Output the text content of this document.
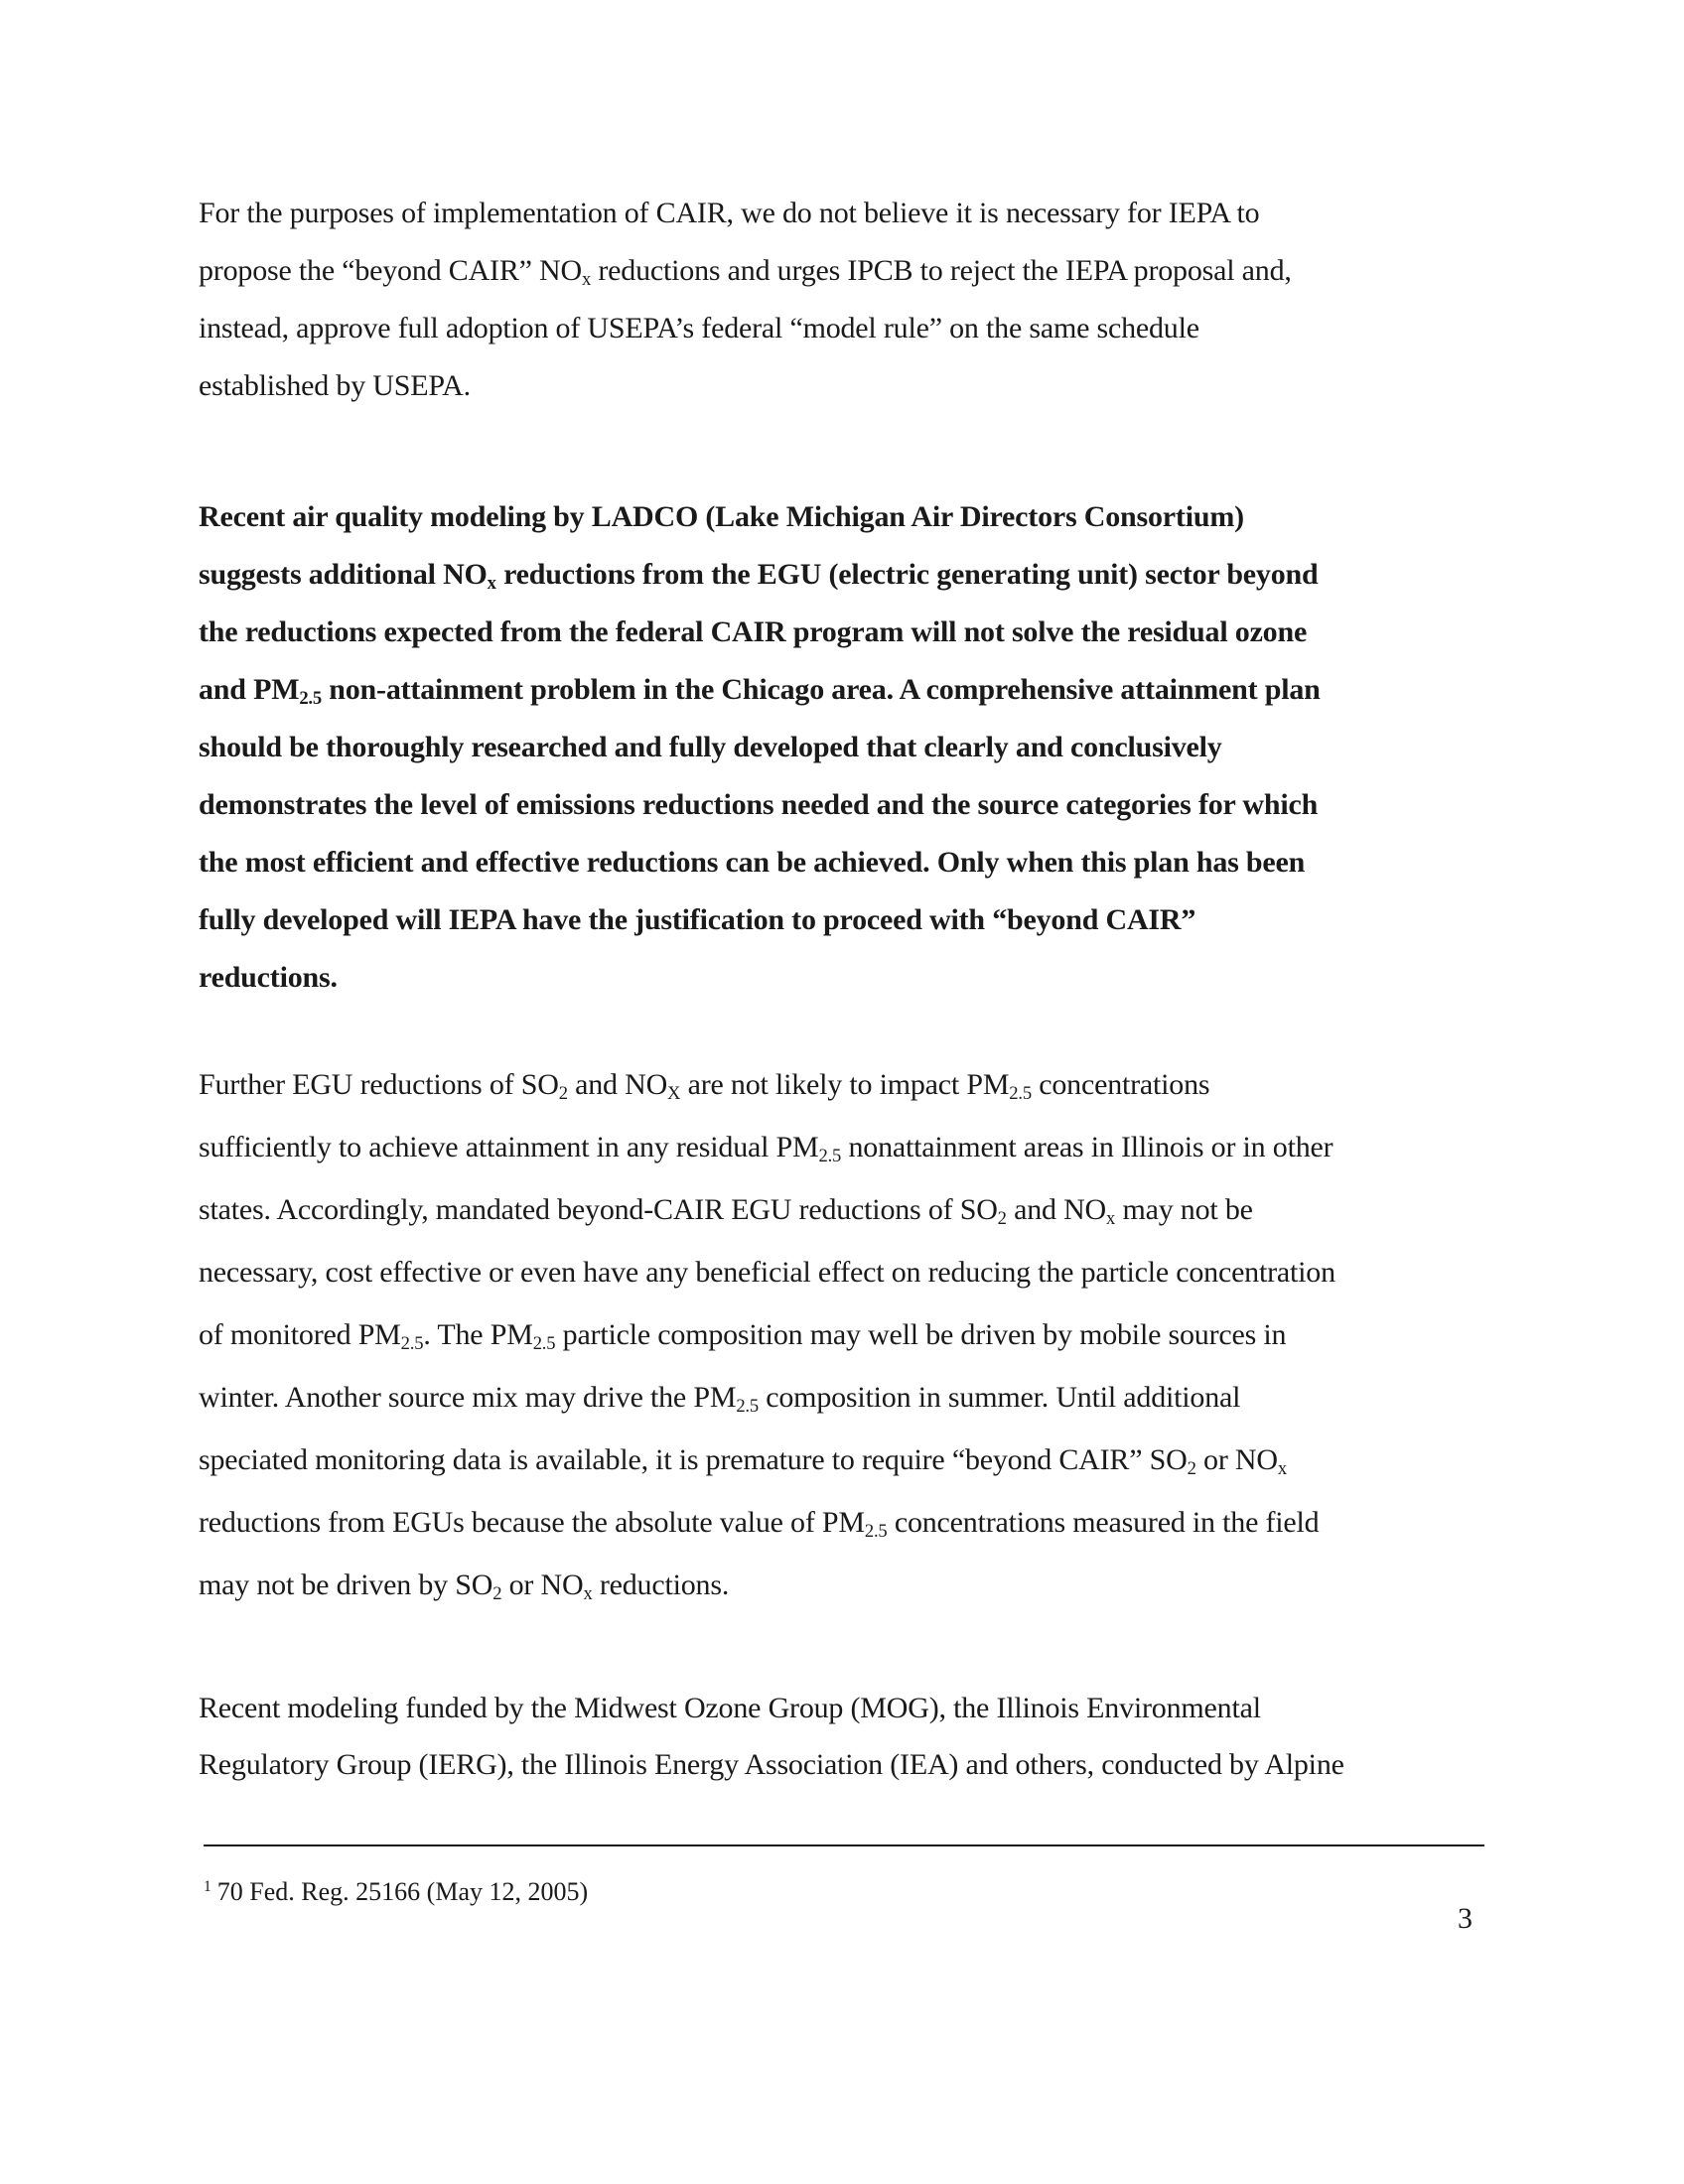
For the purposes of implementation of CAIR, we do not believe it is necessary for IEPA to
propose the “beyond CAIR” $NO_x$ reductions and urges IPCB to reject the IEPA proposal and,
instead, approve full adoption of USEPA’s federal “model rule” on the same schedule
established by USEPA.
Recent air quality modeling by LADCO (Lake Michigan Air Directors Consortium)
suggests additional $NO_x$ reductions from the EGU (electric generating unit) sector beyond
the reductions expected from the federal CAIR program will not solve the residual ozone
and $PM_{2.5}$ non-attainment problem in the Chicago area. A comprehensive attainment plan
should be thoroughly researched and fully developed that clearly and conclusively
demonstrates the level of emissions reductions needed and the source categories for which
the most efficient and effective reductions can be achieved. Only when this plan has been
fully developed will IEPA have the justification to proceed with “beyond CAIR”
reductions.
Further EGU reductions of $SO_2$ and $NO_X$ are not likely to impact $PM_{2.5}$ concentrations
sufficiently to achieve attainment in any residual $PM_{2.5}$ nonattainment areas in Illinois or in other
states. Accordingly, mandated beyond-CAIR EGU reductions of $SO_2$ and $NO_x$ may not be
necessary, cost effective or even have any beneficial effect on reducing the particle concentration
of monitored $PM_{2.5}$. The $PM_{2.5}$ particle composition may well be driven by mobile sources in
winter. Another source mix may drive the $PM_{2.5}$ composition in summer. Until additional
speciated monitoring data is available, it is premature to require “beyond CAIR” $SO_2$ or $NO_x$
reductions from EGUs because the absolute value of $PM_{2.5}$ concentrations measured in the field
may not be driven by $SO_2$ or $NO_x$ reductions.
Recent modeling funded by the Midwest Ozone Group (MOG), the Illinois Environmental
Regulatory Group (IERG), the Illinois Energy Association (IEA) and others, conducted by Alpine
$^1$ 70 Fed. Reg. 25166 (May 12, 2005)
3
